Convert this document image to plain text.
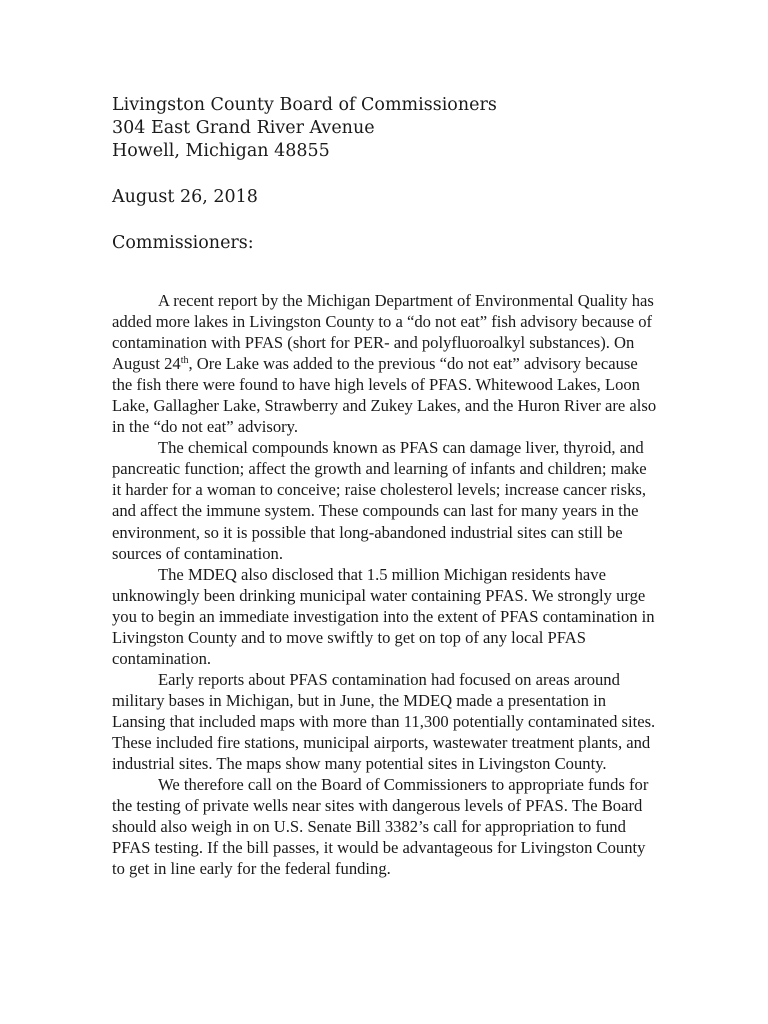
Livingston County Board of Commissioners
304 East Grand River Avenue
Howell, Michigan 48855
August 26, 2018
Commissioners:

A recent report by the Michigan Department of Environmental Quality has added more lakes in Livingston County to a “do not eat” fish advisory because of contamination with PFAS (short for PER- and polyfluoroalkyl substances). On August 24th, Ore Lake was added to the previous “do not eat” advisory because the fish there were found to have high levels of PFAS. Whitewood Lakes, Loon Lake, Gallagher Lake, Strawberry and Zukey Lakes, and the Huron River are also in the “do not eat” advisory.

The chemical compounds known as PFAS can damage liver, thyroid, and pancreatic function; affect the growth and learning of infants and children; make it harder for a woman to conceive; raise cholesterol levels; increase cancer risks, and affect the immune system. These compounds can last for many years in the environment, so it is possible that long-abandoned industrial sites can still be sources of contamination.

The MDEQ also disclosed that 1.5 million Michigan residents have unknowingly been drinking municipal water containing PFAS. We strongly urge you to begin an immediate investigation into the extent of PFAS contamination in Livingston County and to move swiftly to get on top of any local PFAS contamination.

Early reports about PFAS contamination had focused on areas around military bases in Michigan, but in June, the MDEQ made a presentation in Lansing that included maps with more than 11,300 potentially contaminated sites. These included fire stations, municipal airports, wastewater treatment plants, and industrial sites. The maps show many potential sites in Livingston County.

We therefore call on the Board of Commissioners to appropriate funds for the testing of private wells near sites with dangerous levels of PFAS. The Board should also weigh in on U.S. Senate Bill 3382’s call for appropriation to fund PFAS testing. If the bill passes, it would be advantageous for Livingston County to get in line early for the federal funding.
